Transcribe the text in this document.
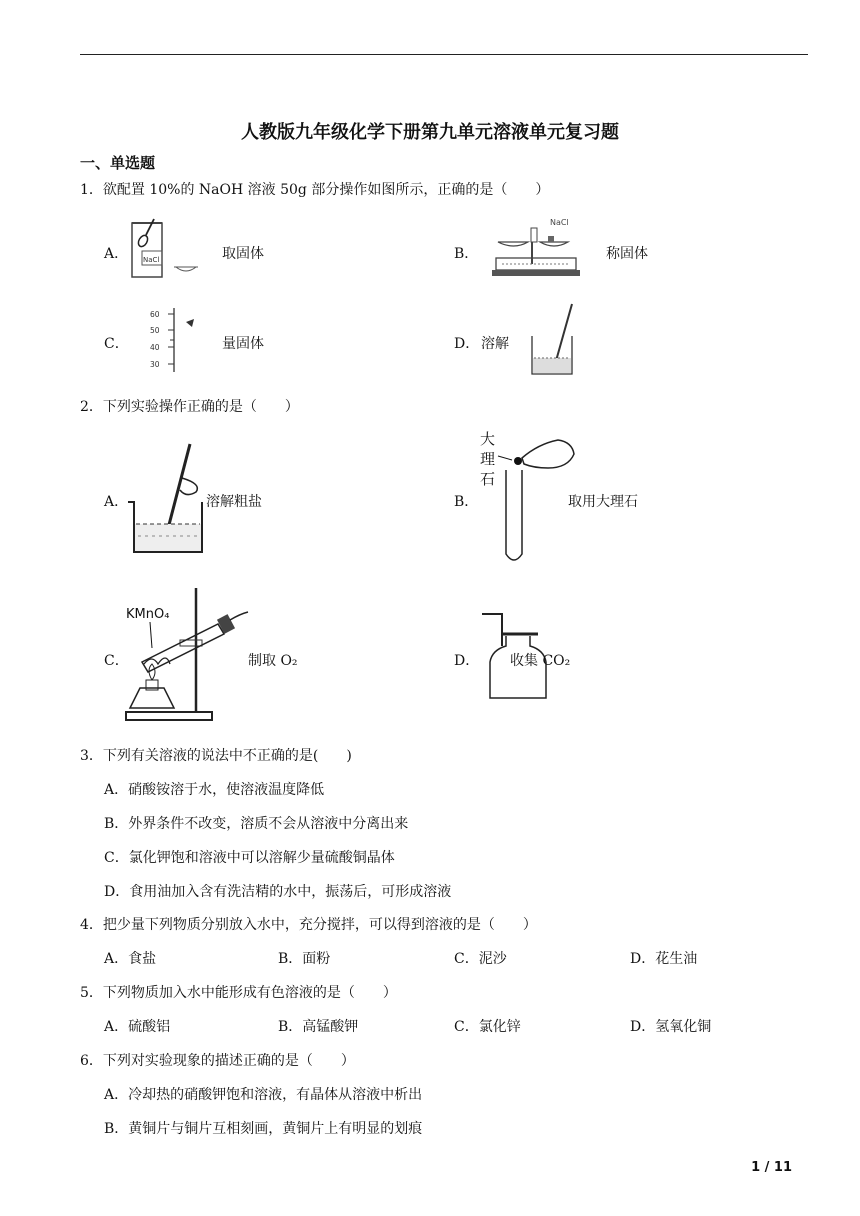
人教版九年级化学下册第九单元溶液单元复习题
一、单选题
1．欲配置 10%的 NaOH 溶液 50g 部分操作如图所示，正确的是（　　）
A． NaCl	取固体	B．
NaCl
称固体
C．
60
50
40
30
量固体	D． 溶解
2．下列实验操作正确的是（　　）
A．	溶解粗盐	B．
大
理
石
取用大理石
C．
KMnO₄
制取 O₂	D． 收集 CO₂
3．下列有关溶液的说法中不正确的是(　　)
A．硝酸铵溶于水，使溶液温度降低
B．外界条件不改变，溶质不会从溶液中分离出来
C．氯化钾饱和溶液中可以溶解少量硫酸铜晶体
D．食用油加入含有洗洁精的水中，振荡后，可形成溶液
4．把少量下列物质分别放入水中，充分搅拌，可以得到溶液的是（　　）
A．食盐	B．面粉	C．泥沙	D．花生油
5．下列物质加入水中能形成有色溶液的是（　　）
A．硫酸铝	B．高锰酸钾	C．氯化锌	D．氢氧化铜
6．下列对实验现象的描述正确的是（　　）
A．冷却热的硝酸钾饱和溶液，有晶体从溶液中析出
B．黄铜片与铜片互相刻画，黄铜片上有明显的划痕
1 / 11
